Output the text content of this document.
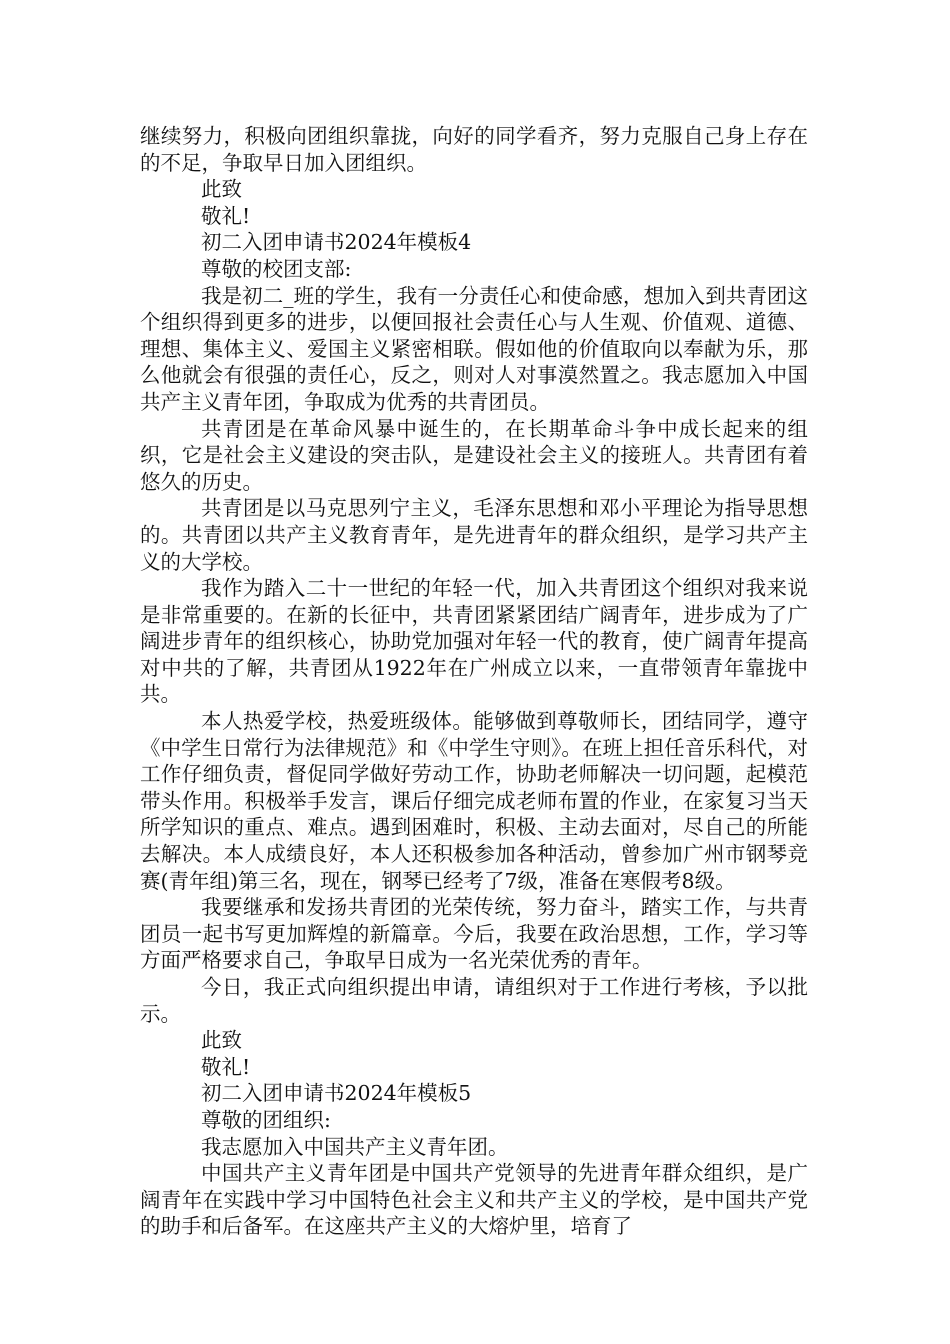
继续努力，积极向团组织靠拢，向好的同学看齐，努力克服自己身上存在的不足，争取早日加入团组织。

此致

敬礼!

初二入团申请书2024年模板4

尊敬的校团支部:

我是初二_班的学生，我有一分责任心和使命感，想加入到共青团这个组织得到更多的进步，以便回报社会责任心与人生观、价值观、道德、理想、集体主义、爱国主义紧密相联。假如他的价值取向以奉献为乐，那么他就会有很强的责任心，反之，则对人对事漠然置之。我志愿加入中国共产主义青年团，争取成为优秀的共青团员。

共青团是在革命风暴中诞生的，在长期革命斗争中成长起来的组织，它是社会主义建设的突击队，是建设社会主义的接班人。共青团有着悠久的历史。

共青团是以马克思列宁主义，毛泽东思想和邓小平理论为指导思想的。共青团以共产主义教育青年，是先进青年的群众组织，是学习共产主义的大学校。

我作为踏入二十一世纪的年轻一代，加入共青团这个组织对我来说是非常重要的。在新的长征中，共青团紧紧团结广阔青年，进步成为了广阔进步青年的组织核心，协助党加强对年轻一代的教育，使广阔青年提高对中共的了解，共青团从1922年在广州成立以来，一直带领青年靠拢中共。

本人热爱学校，热爱班级体。能够做到尊敬师长，团结同学，遵守《中学生日常行为法律规范》和《中学生守则》。在班上担任音乐科代，对工作仔细负责，督促同学做好劳动工作，协助老师解决一切问题，起模范带头作用。积极举手发言，课后仔细完成老师布置的作业，在家复习当天所学知识的重点、难点。遇到困难时，积极、主动去面对，尽自己的所能去解决。本人成绩良好，本人还积极参加各种活动，曾参加广州市钢琴竞赛(青年组)第三名，现在，钢琴已经考了7级，准备在寒假考8级。

我要继承和发扬共青团的光荣传统，努力奋斗，踏实工作，与共青团员一起书写更加辉煌的新篇章。今后，我要在政治思想，工作，学习等方面严格要求自己，争取早日成为一名光荣优秀的青年。

今日，我正式向组织提出申请，请组织对于工作进行考核，予以批示。

此致

敬礼!

初二入团申请书2024年模板5

尊敬的团组织:

我志愿加入中国共产主义青年团。

中国共产主义青年团是中国共产党领导的先进青年群众组织，是广阔青年在实践中学习中国特色社会主义和共产主义的学校，是中国共产党的助手和后备军。在这座共产主义的大熔炉里，培育了
